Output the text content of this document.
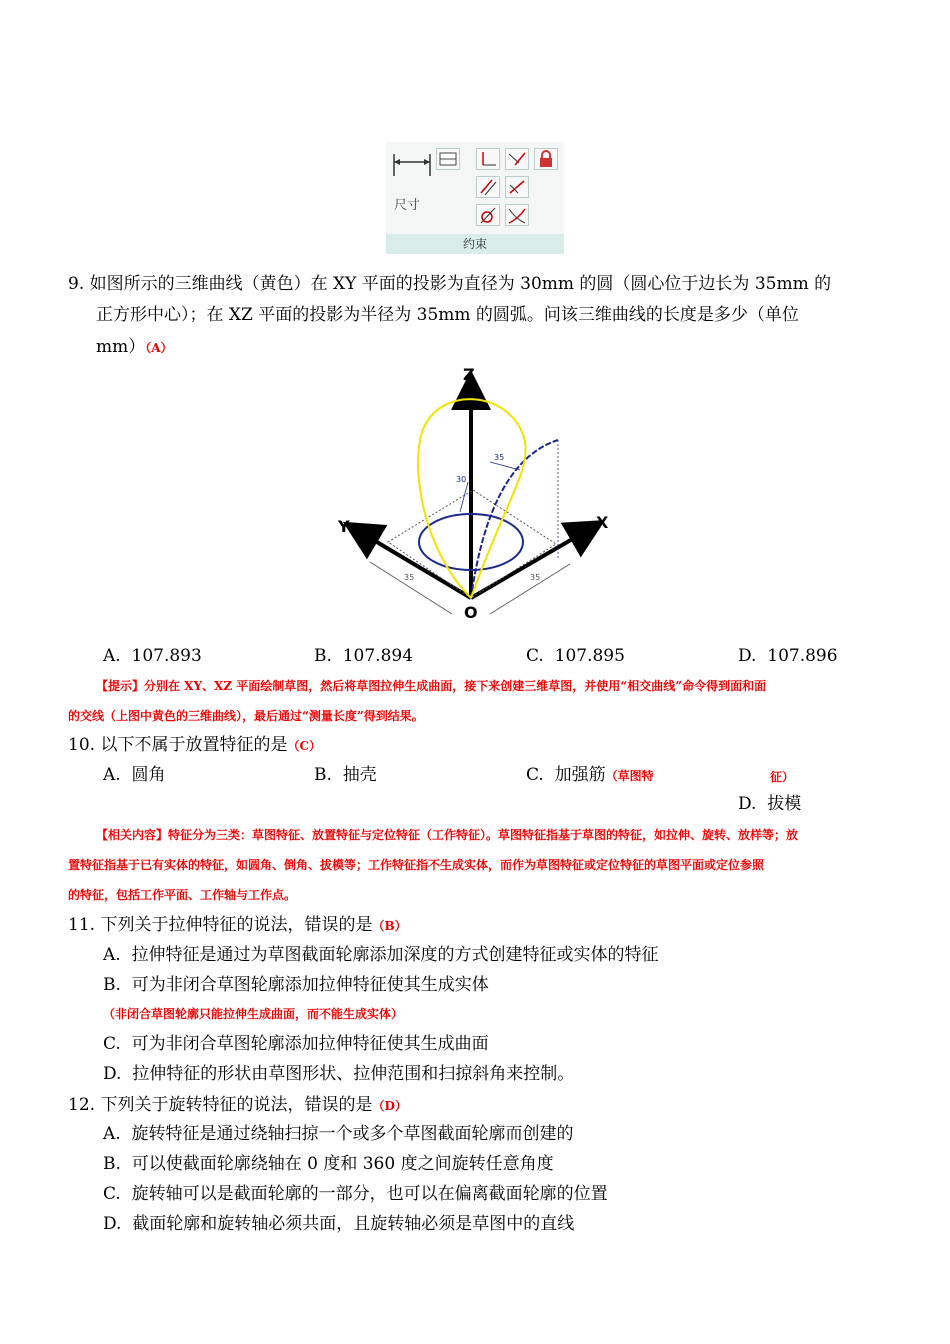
尺寸
约束
9. 如图所示的三维曲线（黄色）在 XY 平面的投影为直径为 30mm 的圆（圆心位于边长为 35mm 的
正方形中心）；在 XZ 平面的投影为半径为 35mm 的圆弧。问该三维曲线的长度是多少（单位
mm）（A）
Z
Y	X
O
30
35
35	35
A. 107.893	B. 107.894	C. 107.895	D. 107.896
【提示】分别在 XY、XZ 平面绘制草图，然后将草图拉伸生成曲面，接下来创建三维草图，并使用“相交曲线”命令得到面和面
的交线（上图中黄色的三维曲线），最后通过“测量长度”得到结果。
10. 以下不属于放置特征的是（C）
A. 圆角	B. 抽壳	C. 加强筋（草图特	征）
D. 拔模
【相关内容】特征分为三类：草图特征、放置特征与定位特征（工作特征）。草图特征指基于草图的特征，如拉伸、旋转、放样等；放
置特征指基于已有实体的特征，如圆角、倒角、拔模等；工作特征指不生成实体，而作为草图特征或定位特征的草图平面或定位参照
的特征，包括工作平面、工作轴与工作点。
11. 下列关于拉伸特征的说法，错误的是（B）
A. 拉伸特征是通过为草图截面轮廓添加深度的方式创建特征或实体的特征
B. 可为非闭合草图轮廓添加拉伸特征使其生成实体
（非闭合草图轮廓只能拉伸生成曲面，而不能生成实体）
C. 可为非闭合草图轮廓添加拉伸特征使其生成曲面
D. 拉伸特征的形状由草图形状、拉伸范围和扫掠斜角来控制。
12. 下列关于旋转特征的说法，错误的是（D）
A. 旋转特征是通过绕轴扫掠一个或多个草图截面轮廓而创建的
B. 可以使截面轮廓绕轴在 0 度和 360 度之间旋转任意角度
C. 旋转轴可以是截面轮廓的一部分，也可以在偏离截面轮廓的位置
D. 截面轮廓和旋转轴必须共面，且旋转轴必须是草图中的直线
